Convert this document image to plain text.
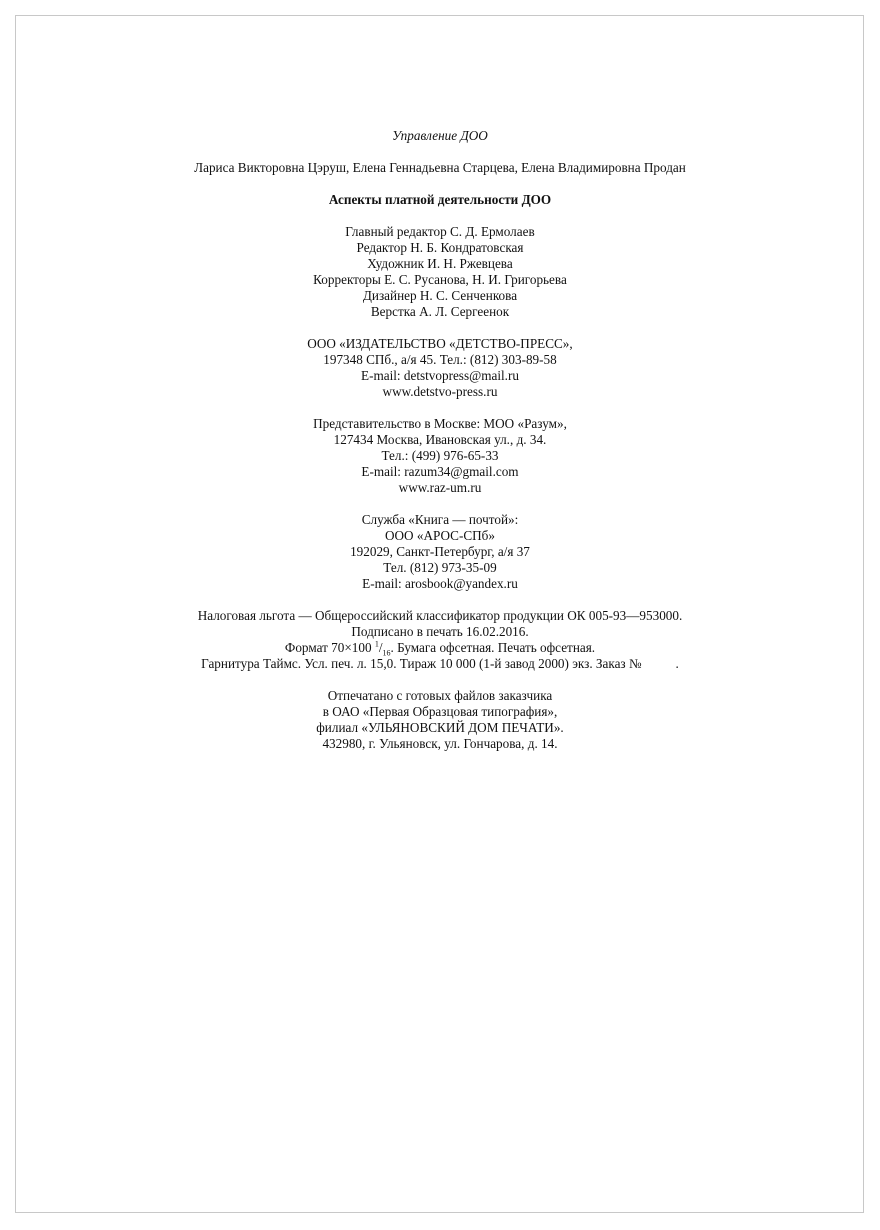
Управление ДОО
Лариса Викторовна Цэруш, Елена Геннадьевна Старцева, Елена Владимировна Продан
Аспекты платной деятельности ДОО
Главный редактор С. Д. Ермолаев
Редактор Н. Б. Кондратовская
Художник И. Н. Ржевцева
Корректоры Е. С. Русанова, Н. И. Григорьева
Дизайнер Н. С. Сенченкова
Верстка А. Л. Сергеенок
ООО «ИЗДАТЕЛЬСТВО «ДЕТСТВО-ПРЕСС»,
197348 СПб., а/я 45. Тел.: (812) 303-89-58
E-mail: detstvopress@mail.ru
www.detstvo-press.ru
Представительство в Москве: МОО «Разум»,
127434 Москва, Ивановская ул., д. 34.
Тел.: (499) 976-65-33
E-mail: razum34@gmail.com
www.raz-um.ru
Служба «Книга — почтой»:
ООО «АРОС-СПб»
192029, Санкт-Петербург, а/я 37
Тел. (812) 973-35-09
E-mail: arosbook@yandex.ru
Налоговая льгота — Общероссийский классификатор продукции ОК 005-93—953000.
Подписано в печать 16.02.2016.
Формат 70×100 $^1/_{16}$. Бумага офсетная. Печать офсетная.
Гарнитура Таймс. Усл. печ. л. 15,0. Тираж 10 000 (1-й завод 2000) экз. Заказ №	.
Отпечатано с готовых файлов заказчика
в ОАО «Первая Образцовая типография»,
филиал «УЛЬЯНОВСКИЙ ДОМ ПЕЧАТИ».
432980, г. Ульяновск, ул. Гончарова, д. 14.
